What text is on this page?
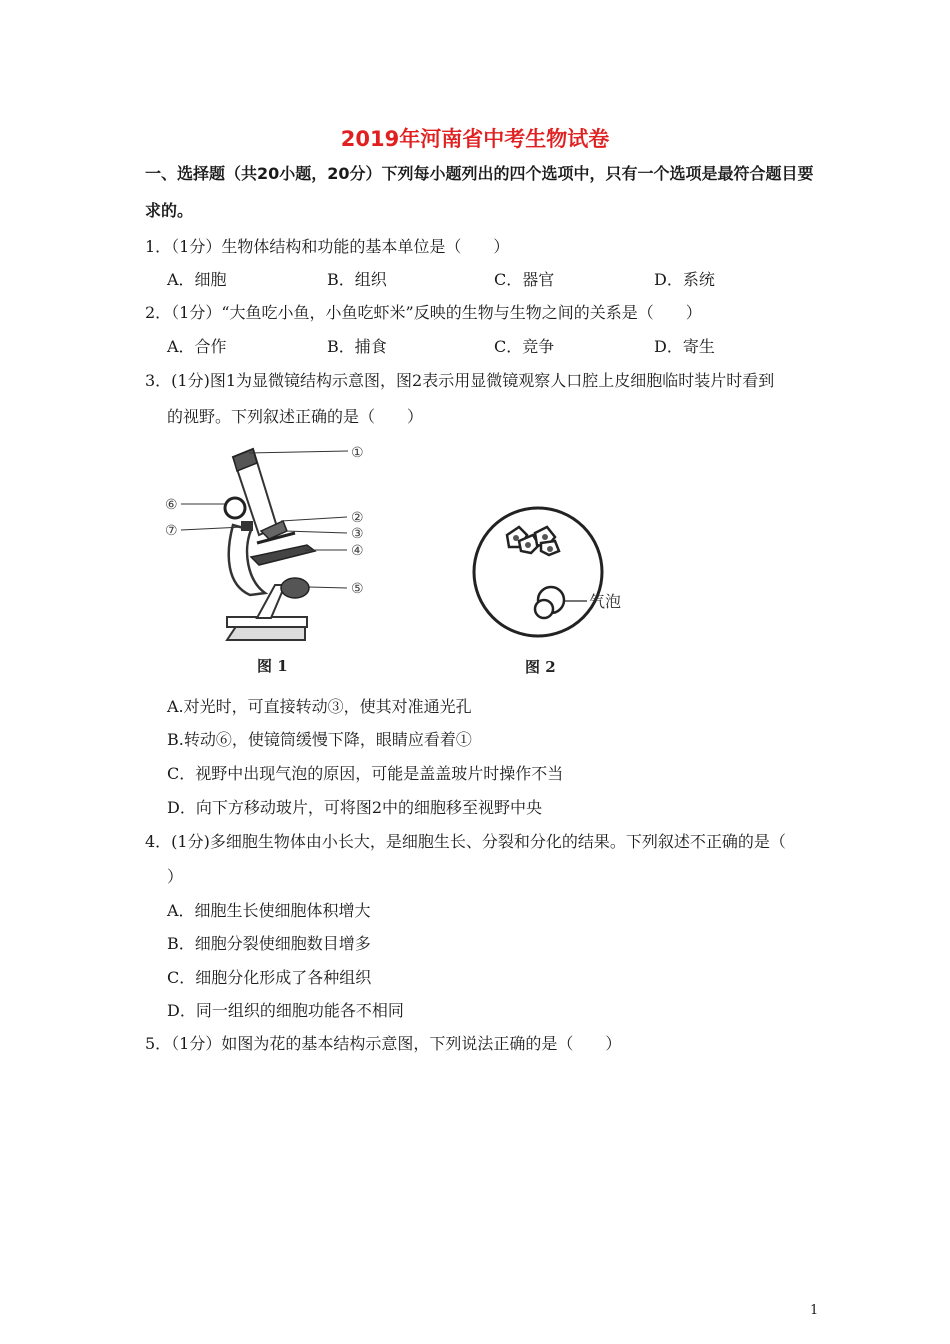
2019年河南省中考生物试卷
一、选择题（共20小题，20分）下列每小题列出的四个选项中，只有一个选项是最符合题目要
求的。
1．（1分）生物体结构和功能的基本单位是（　　）
A．细胞	B．组织	C．器官	D．系统
2．（1分）“大鱼吃小鱼，小鱼吃虾米”反映的生物与生物之间的关系是（　　）
A．合作	B．捕食	C．竞争	D．寄生
3．(1分)图1为显微镜结构示意图，图2表示用显微镜观察人口腔上皮细胞临时装片时看到
的视野。下列叙述正确的是（　　）
①
②
③
④
⑤
⑥
⑦
图 1
气泡
图 2
A.对光时，可直接转动③，使其对准通光孔
B.转动⑥，使镜筒缓慢下降，眼睛应看着①
C．视野中出现气泡的原因，可能是盖盖玻片时操作不当
D．向下方移动玻片，可将图2中的细胞移至视野中央
4．(1分)多细胞生物体由小长大，是细胞生长、分裂和分化的结果。下列叙述不正确的是（
）
A．细胞生长使细胞体积增大
B．细胞分裂使细胞数目增多
C．细胞分化形成了各种组织
D．同一组织的细胞功能各不相同
5．（1分）如图为花的基本结构示意图，下列说法正确的是（　　）
1
